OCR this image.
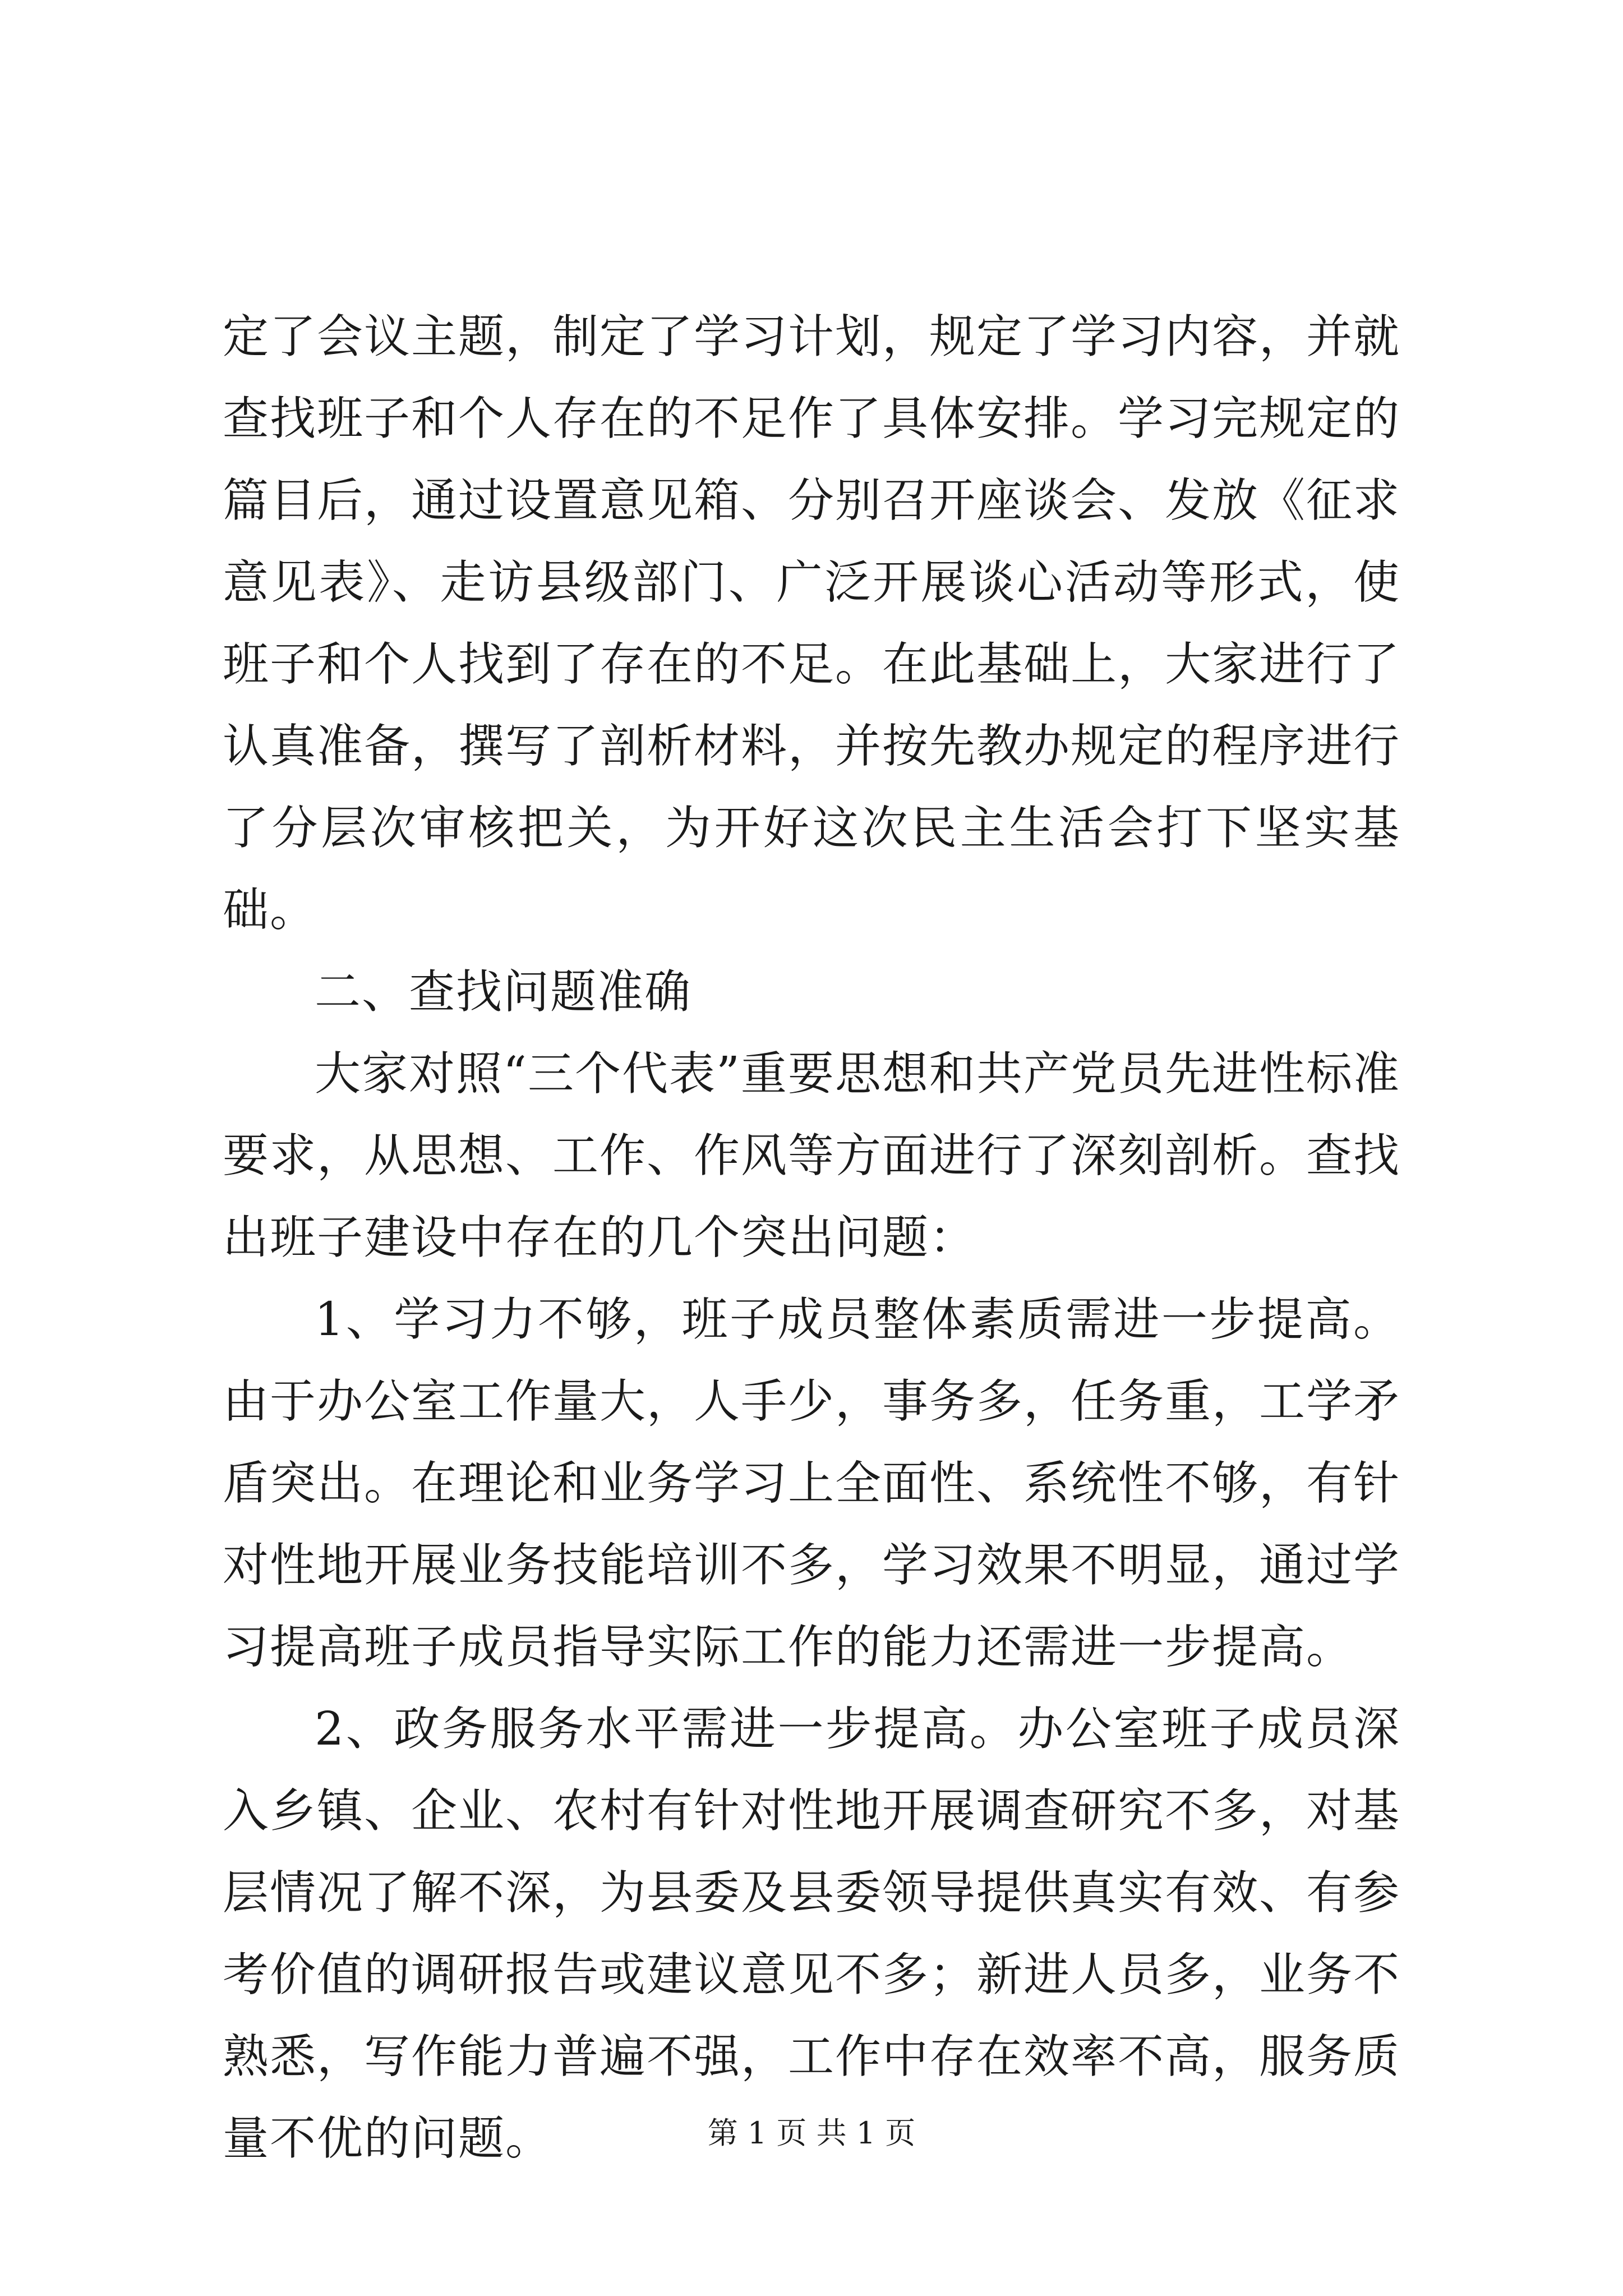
定了会议主题，制定了学习计划，规定了学习内容，并就查找班子和个人存在的不足作了具体安排。学习完规定的篇目后，通过设置意见箱、分别召开座谈会、发放《征求意见表》、走访县级部门、广泛开展谈心活动等形式，使班子和个人找到了存在的不足。在此基础上，大家进行了认真准备，撰写了剖析材料，并按先教办规定的程序进行了分层次审核把关，为开好这次民主生活会打下坚实基础。

二、查找问题准确

大家对照“三个代表”重要思想和共产党员先进性标准要求，从思想、工作、作风等方面进行了深刻剖析。查找出班子建设中存在的几个突出问题：

1、学习力不够，班子成员整体素质需进一步提高。由于办公室工作量大，人手少，事务多，任务重，工学矛盾突出。在理论和业务学习上全面性、系统性不够，有针对性地开展业务技能培训不多，学习效果不明显，通过学习提高班子成员指导实际工作的能力还需进一步提高。

2、政务服务水平需进一步提高。办公室班子成员深入乡镇、企业、农村有针对性地开展调查研究不多，对基层情况了解不深，为县委及县委领导提供真实有效、有参考价值的调研报告或建议意见不多；新进人员多，业务不熟悉，写作能力普遍不强，工作中存在效率不高，服务质量不优的问题。	第 1 页 共 1 页
